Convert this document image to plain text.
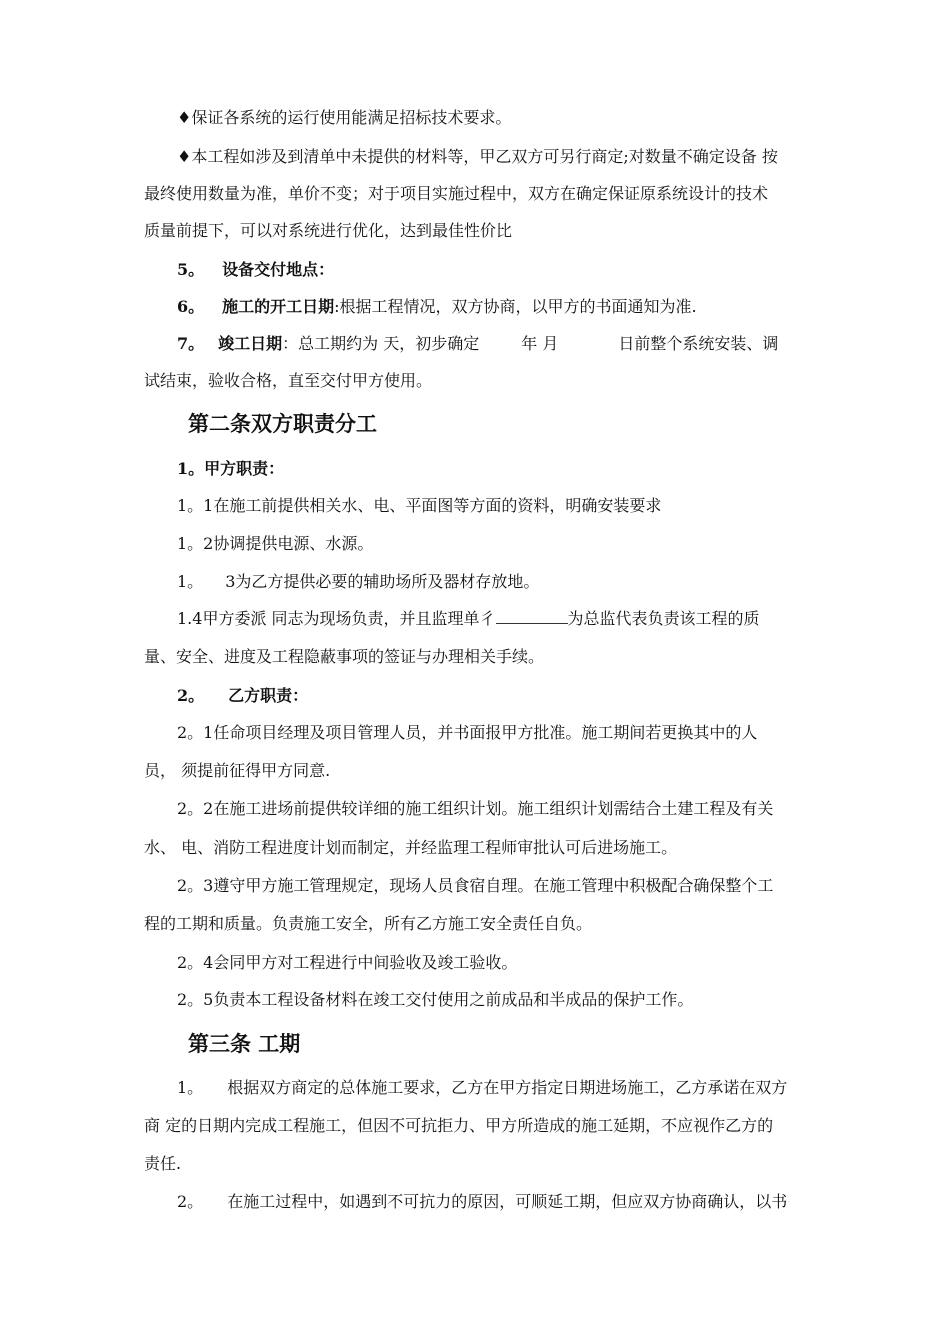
♦保证各系统的运行使用能满足招标技术要求。
♦本工程如涉及到清单中未提供的材料等，甲乙双方可另行商定;对数量不确定设备 按
最终使用数量为准，单价不变；对于项目实施过程中，双方在确定保证原系统设计的技术
质量前提下，可以对系统进行优化，达到最佳性价比
5。 设备交付地点：
6。 施工的开工日期:根据工程情况，双方协商，以甲方的书面通知为准.
7。 竣工日期：总工期约为 天，初步确定	年 月	日前整个系统安装、调
试结束，验收合格，直至交付甲方使用。
第二条双方职责分工
1。甲方职责：
1。1在施工前提供相关水、电、平面图等方面的资料，明确安装要求
1。2协调提供电源、水源。
1。 3为乙方提供必要的辅助场所及器材存放地。
1.4甲方委派 同志为现场负责，并且监理单彳	为总监代表负责该工程的质
量、安全、进度及工程隐蔽事项的签证与办理相关手续。
2。 乙方职责：
2。1任命项目经理及项目管理人员，并书面报甲方批准。施工期间若更换其中的人
员， 须提前征得甲方同意.
2。2在施工进场前提供较详细的施工组织计划。施工组织计划需结合土建工程及有关
水、 电、消防工程进度计划而制定，并经监理工程师审批认可后进场施工。
2。3遵守甲方施工管理规定，现场人员食宿自理。在施工管理中积极配合确保整个工
程的工期和质量。负责施工安全，所有乙方施工安全责任自负。
2。4会同甲方对工程进行中间验收及竣工验收。
2。5负责本工程设备材料在竣工交付使用之前成品和半成品的保护工作。
第三条 工期
1。 根据双方商定的总体施工要求，乙方在甲方指定日期进场施工，乙方承诺在双方
商 定的日期内完成工程施工，但因不可抗拒力、甲方所造成的施工延期，不应视作乙方的
责任.
2。 在施工过程中，如遇到不可抗力的原因，可顺延工期，但应双方协商确认，以书
